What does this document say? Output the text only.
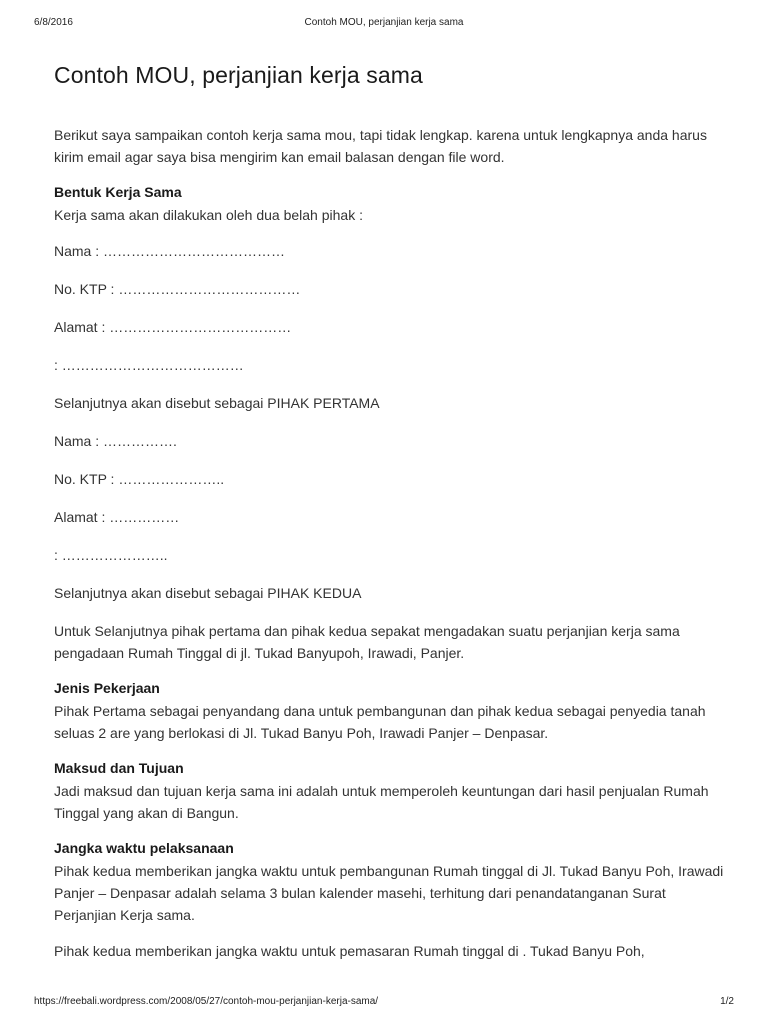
6/8/2016	Contoh MOU, perjanjian kerja sama
Contoh MOU, perjanjian kerja sama

Berikut saya sampaikan contoh kerja sama mou, tapi tidak lengkap. karena untuk lengkapnya anda harus kirim email agar saya bisa mengirim kan email balasan dengan file word.

Bentuk Kerja Sama

Kerja sama akan dilakukan oleh dua belah pihak :

Nama : …………………………………

No. KTP : …………………………………

Alamat : …………………………………

: …………………………………

Selanjutnya akan disebut sebagai PIHAK PERTAMA

Nama : …………….

No. KTP : …………………..

Alamat : ……………

: …………………..

Selanjutnya akan disebut sebagai PIHAK KEDUA

Untuk Selanjutnya pihak pertama dan pihak kedua sepakat mengadakan suatu perjanjian kerja sama pengadaan Rumah Tinggal di jl. Tukad Banyupoh, Irawadi, Panjer.

Jenis Pekerjaan

Pihak Pertama sebagai penyandang dana untuk pembangunan dan pihak kedua sebagai penyedia tanah seluas 2 are yang berlokasi di Jl. Tukad Banyu Poh, Irawadi Panjer – Denpasar.

Maksud dan Tujuan

Jadi maksud dan tujuan kerja sama ini adalah untuk memperoleh keuntungan dari hasil penjualan Rumah Tinggal yang akan di Bangun.

Jangka waktu pelaksanaan

Pihak kedua memberikan jangka waktu untuk pembangunan Rumah tinggal di Jl. Tukad Banyu Poh, Irawadi Panjer – Denpasar adalah selama 3 bulan kalender masehi, terhitung dari penandatanganan Surat Perjanjian Kerja sama.

Pihak kedua memberikan jangka waktu untuk pemasaran Rumah tinggal di . Tukad Banyu Poh,

https://freebali.wordpress.com/2008/05/27/contoh-mou-perjanjian-kerja-sama/	1/2
